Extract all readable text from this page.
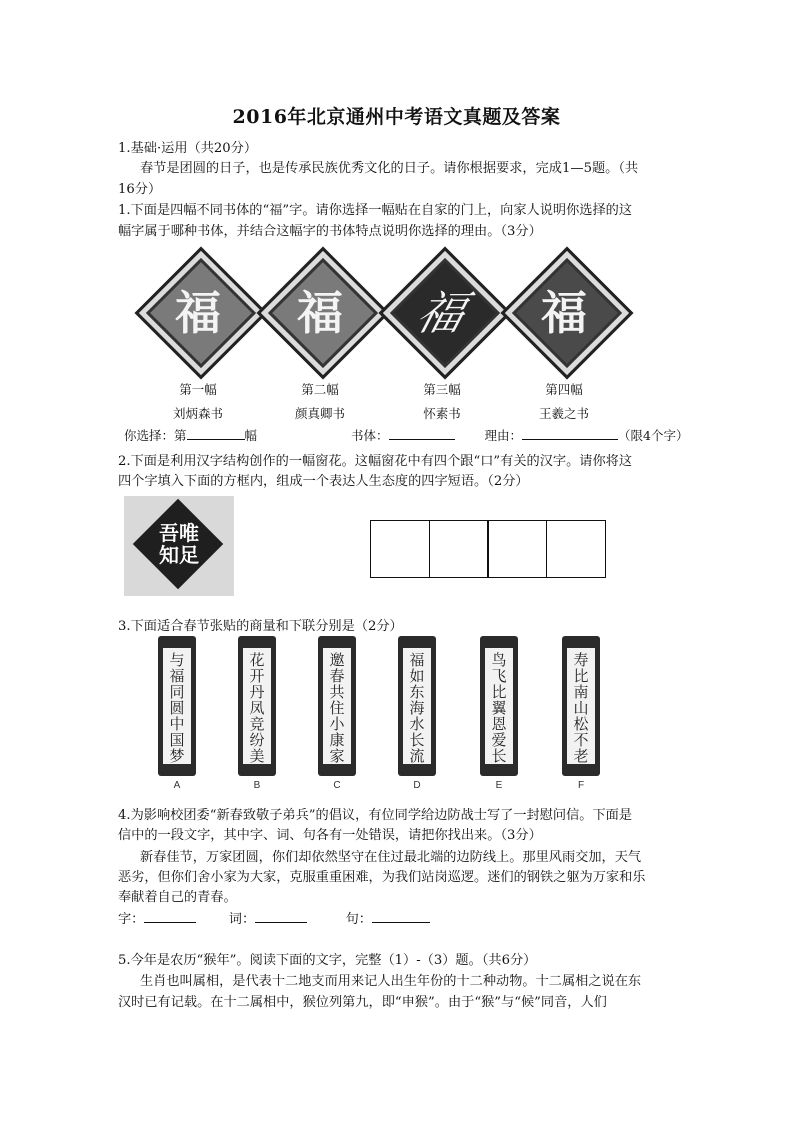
2016年北京通州中考语文真题及答案
1.基础·运用（共20分）
春节是团圆的日子，也是传承民族优秀文化的日子。请你根据要求，完成1—5题。（共
16分）
1.下面是四幅不同书体的“福”字。请你选择一幅贴在自家的门上，向家人说明你选择的这
幅字属于哪种书体，并结合这幅字的书体特点说明你选择的理由。（3分）
福	福	福	福
第一幅	第二幅	第三幅	第四幅
刘炳森书	颜真卿书	怀素书	王羲之书
你选择：第	幅	书体：	理由：	（限4个字）
2.下面是利用汉字结构创作的一幅窗花。这幅窗花中有四个跟“口”有关的汉字。请你将这
四个字填入下面的方框内，组成一个表达人生态度的四字短语。（2分）
吾唯
知足
3.下面适合春节张贴的商量和下联分别是（2分）
与
福
同
圆
中
国
梦
A
花
开
丹
凤
竞
纷
美
B
邀
春
共
住
小
康
家
C
福
如
东
海
水
长
流
D
鸟
飞
比
翼
恩
爱
长
E
寿
比
南
山
松
不
老
F
4.为影响校团委“新春致敬子弟兵”的倡议，有位同学给边防战士写了一封慰问信。下面是
信中的一段文字，其中字、词、句各有一处错误，请把你找出来。（3分）
新春佳节，万家团圆，你们却依然坚守在住过最北端的边防线上。那里风雨交加，天气
恶劣，但你们舍小家为大家，克服重重困难，为我们站岗巡逻。迷们的钢铁之躯为万家和乐
奉献着自己的青春。
字：	词：	句：
5.今年是农历“猴年”。阅读下面的文字，完整（1）-（3）题。（共6分）
生肖也叫属相，是代表十二地支而用来记人出生年份的十二种动物。十二属相之说在东
汉时已有记载。在十二属相中，猴位列第九，即“申猴”。由于“猴”与“候”同音，人们
